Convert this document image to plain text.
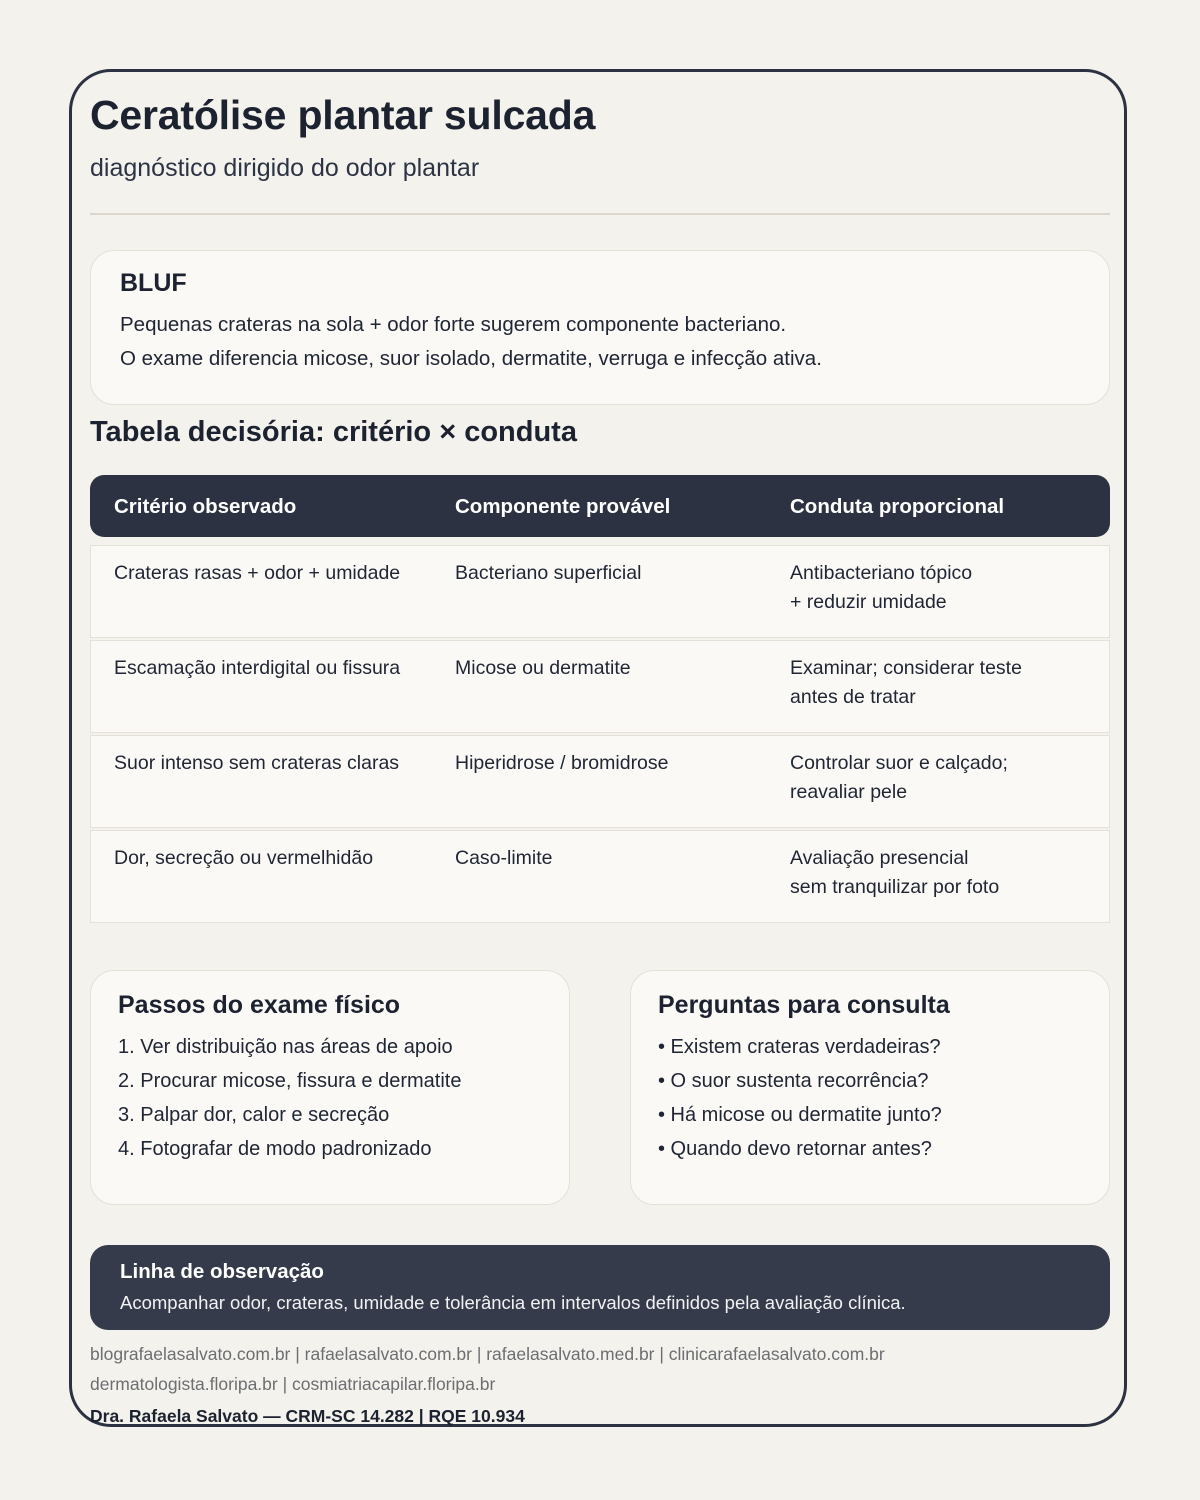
Ceratólise plantar sulcada

diagnóstico dirigido do odor plantar

BLUF

Pequenas crateras na sola + odor forte sugerem componente bacteriano.

O exame diferencia micose, suor isolado, dermatite, verruga e infecção ativa.

Tabela decisória: critério × conduta
Critério observado	Componente provável	Conduta proporcional
Crateras rasas + odor + umidade	Bacteriano superficial	Antibacteriano tópico
+ reduzir umidade
Escamação interdigital ou fissura	Micose ou dermatite	Examinar; considerar teste
antes de tratar
Suor intenso sem crateras claras	Hiperidrose / bromidrose	Controlar suor e calçado;
reavaliar pele
Dor, secreção ou vermelhidão	Caso-limite	Avaliação presencial
sem tranquilizar por foto
Passos do exame físico
1. Ver distribuição nas áreas de apoio
2. Procurar micose, fissura e dermatite
3. Palpar dor, calor e secreção
4. Fotografar de modo padronizado
Perguntas para consulta
• Existem crateras verdadeiras?
• O suor sustenta recorrência?
• Há micose ou dermatite junto?
• Quando devo retornar antes?
Linha de observação

Acompanhar odor, crateras, umidade e tolerância em intervalos definidos pela avaliação clínica.

blografaelasalvato.com.br | rafaelasalvato.com.br | rafaelasalvato.med.br | clinicarafaelasalvato.com.br

dermatologista.floripa.br | cosmiatriacapilar.floripa.br

Dra. Rafaela Salvato — CRM-SC 14.282 | RQE 10.934
